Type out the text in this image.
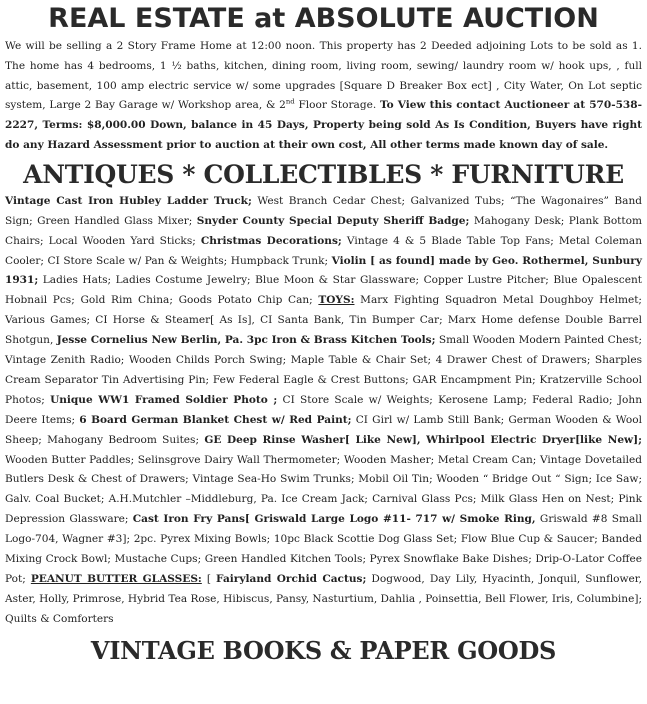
REAL ESTATE at ABSOLUTE AUCTION

We will be selling a 2 Story Frame Home at 12:00 noon. This property has 2 Deeded adjoining Lots to be sold as 1. The home has 4 bedrooms, 1 ½ baths, kitchen, dining room, living room, sewing/ laundry room w/ hook ups, , full attic, basement, 100 amp electric service w/ some upgrades [Square D Breaker Box ect] , City Water, On Lot septic system, Large 2 Bay Garage w/ Workshop area, & 2nd Floor Storage. To View this contact Auctioneer at 570-538-2227, Terms: $8,000.00 Down, balance in 45 Days, Property being sold As Is Condition, Buyers have right do any Hazard Assessment prior to auction at their own cost, All other terms made known day of sale.

ANTIQUES * COLLECTIBLES * FURNITURE

Vintage Cast Iron Hubley Ladder Truck; West Branch Cedar Chest; Galvanized Tubs; “The Wagonaires” Band Sign; Green Handled Glass Mixer; Snyder County Special Deputy Sheriff Badge; Mahogany Desk; Plank Bottom Chairs; Local Wooden Yard Sticks; Christmas Decorations; Vintage 4 & 5 Blade Table Top Fans; Metal Coleman Cooler; CI Store Scale w/ Pan & Weights; Humpback Trunk; Violin [ as found] made by Geo. Rothermel, Sunbury 1931; Ladies Hats; Ladies Costume Jewelry; Blue Moon & Star Glassware; Copper Lustre Pitcher; Blue Opalescent Hobnail Pcs; Gold Rim China; Goods Potato Chip Can; TOYS: Marx Fighting Squadron Metal Doughboy Helmet; Various Games; CI Horse & Steamer[ As Is], CI Santa Bank, Tin Bumper Car; Marx Home defense Double Barrel Shotgun, Jesse Cornelius New Berlin, Pa. 3pc Iron & Brass Kitchen Tools; Small Wooden Modern Painted Chest; Vintage Zenith Radio; Wooden Childs Porch Swing; Maple Table & Chair Set; 4 Drawer Chest of Drawers; Sharples Cream Separator Tin Advertising Pin; Few Federal Eagle & Crest Buttons; GAR Encampment Pin; Kratzerville School Photos; Unique WW1 Framed Soldier Photo ; CI Store Scale w/ Weights; Kerosene Lamp; Federal Radio; John Deere Items; 6 Board German Blanket Chest w/ Red Paint; CI Girl w/ Lamb Still Bank; German Wooden & Wool Sheep; Mahogany Bedroom Suites; GE Deep Rinse Washer[ Like New], Whirlpool Electric Dryer[like New]; Wooden Butter Paddles; Selinsgrove Dairy Wall Thermometer; Wooden Masher; Metal Cream Can; Vintage Dovetailed Butlers Desk & Chest of Drawers; Vintage Sea-Ho Swim Trunks; Mobil Oil Tin; Wooden “ Bridge Out “ Sign; Ice Saw; Galv. Coal Bucket; A.H.Mutchler –Middleburg, Pa. Ice Cream Jack; Carnival Glass Pcs; Milk Glass Hen on Nest; Pink Depression Glassware; Cast Iron Fry Pans[ Griswald Large Logo #11- 717 w/ Smoke Ring, Griswald #8 Small Logo-704, Wagner #3]; 2pc. Pyrex Mixing Bowls; 10pc Black Scottie Dog Glass Set; Flow Blue Cup & Saucer; Banded Mixing Crock Bowl; Mustache Cups; Green Handled Kitchen Tools; Pyrex Snowflake Bake Dishes; Drip-O-Lator Coffee Pot; PEANUT BUTTER GLASSES: [ Fairyland Orchid Cactus; Dogwood, Day Lily, Hyacinth, Jonquil, Sunflower, Aster, Holly, Primrose, Hybrid Tea Rose, Hibiscus, Pansy, Nasturtium, Dahlia , Poinsettia, Bell Flower, Iris, Columbine]; Quilts & Comforters

VINTAGE BOOKS & PAPER GOODS
